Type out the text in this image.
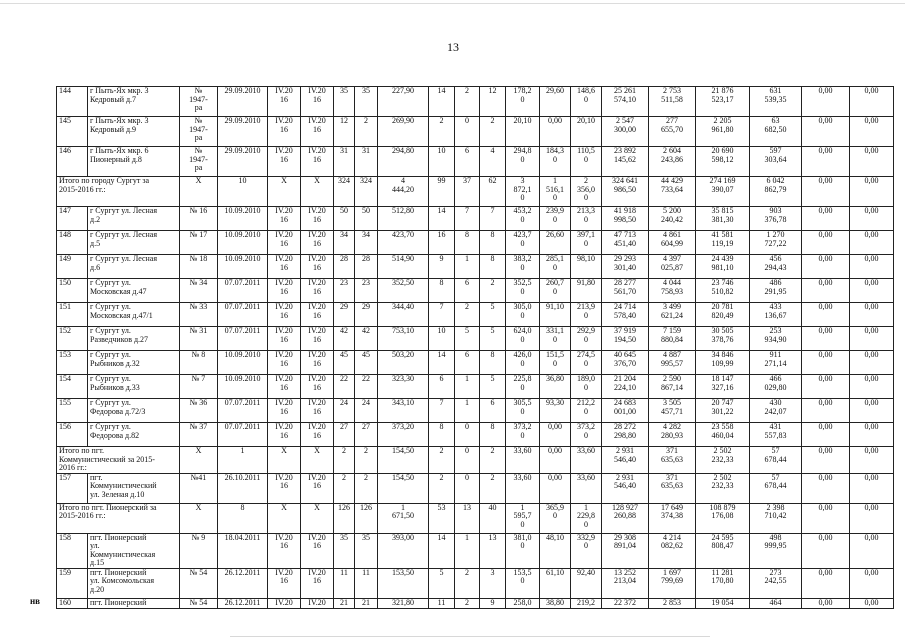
13
144	г Пыть-Ях мкр. 3
Кедровый д.7	№
1947-
ра	29.09.2010	IV.20
16	IV.20
16	35	35	227,90	14	2	12	178,2
0	29,60	148,6
0	25 261
574,10	2 753
511,58	21 876
523,17	631
539,35	0,00	0,00
145	г Пыть-Ях мкр. 3
Кедровый д.9	№
1947-
ра	29.09.2010	IV.20
16	IV.20
16	12	2	269,90	2	0	2	20,10	0,00	20,10	2 547
300,00	277
655,70	2 205
961,80	63
682,50	0,00	0,00
146	г Пыть-Ях мкр. 6
Пионерный д.8	№
1947-
ра	29.09.2010	IV.20
16	IV.20
16	31	31	294,80	10	6	4	294,8
0	184,3
0	110,5
0	23 892
145,62	2 604
243,86	20 690
598,12	597
303,64	0,00	0,00
Итого по городу Сургут за
2015-2016 гг.:		X	10	X	X	324	324	4
444,20	99	37	62	3
872,1
0	1
516,1
0	2
356,0
0	324 641
986,50	44 429
733,64	274 169
390,07	6 042
862,79	0,00	0,00
147	г Сургут ул. Лесная
д.2	№ 16	10.09.2010	IV.20
16	IV.20
16	50	50	512,80	14	7	7	453,2
0	239,9
0	213,3
0	41 918
998,50	5 200
240,42	35 815
381,30	903
376,78	0,00	0,00
148	г Сургут ул. Лесная
д.5	№ 17	10.09.2010	IV.20
16	IV.20
16	34	34	423,70	16	8	8	423,7
0	26,60	397,1
0	47 713
451,40	4 861
604,99	41 581
119,19	1 270
727,22	0,00	0,00
149	г Сургут ул. Лесная
д.6	№ 18	10.09.2010	IV.20
16	IV.20
16	28	28	514,90	9	1	8	383,2
0	285,1
0	98,10	29 293
301,40	4 397
025,87	24 439
981,10	456
294,43	0,00	0,00
150	г Сургут ул.
Московская д.47	№ 34	07.07.2011	IV.20
16	IV.20
16	23	23	352,50	8	6	2	352,5
0	260,7
0	91,80	28 277
561,70	4 044
758,93	23 746
510,82	486
291,95	0,00	0,00
151	г Сургут ул.
Московская д.47/1	№ 33	07.07.2011	IV.20
16	IV.20
16	29	29	344,40	7	2	5	305,0
0	91,10	213,9
0	24 714
578,40	3 499
621,24	20 781
820,49	433
136,67	0,00	0,00
152	г Сургут ул.
Разведчиков д.27	№ 31	07.07.2011	IV.20
16	IV.20
16	42	42	753,10	10	5	5	624,0
0	331,1
0	292,9
0	37 919
194,50	7 159
880,84	30 505
378,76	253
934,90	0,00	0,00
153	г Сургут ул.
Рыбников д.32	№ 8	10.09.2010	IV.20
16	IV.20
16	45	45	503,20	14	6	8	426,0
0	151,5
0	274,5
0	40 645
376,70	4 887
995,57	34 846
109,99	911
271,14	0,00	0,00
154	г Сургут ул.
Рыбников д.33	№ 7	10.09.2010	IV.20
16	IV.20
16	22	22	323,30	6	1	5	225,8
0	36,80	189,0
0	21 204
224,10	2 590
867,14	18 147
327,16	466
029,80	0,00	0,00
155	г Сургут ул.
Федорова д.72/3	№ 36	07.07.2011	IV.20
16	IV.20
16	24	24	343,10	7	1	6	305,5
0	93,30	212,2
0	24 683
001,00	3 505
457,71	20 747
301,22	430
242,07	0,00	0,00
156	г Сургут ул.
Федорова д.82	№ 37	07.07.2011	IV.20
16	IV.20
16	27	27	373,20	8	0	8	373,2
0	0,00	373,2
0	28 272
298,80	4 282
280,93	23 558
460,04	431
557,83	0,00	0,00
Итого по пгт.
Коммунистический за 2015-
2016 гг.:		X	1	X	X	2	2	154,50	2	0	2	33,60	0,00	33,60	2 931
546,40	371
635,63	2 502
232,33	57
678,44	0,00	0,00
157	пгт.
Коммунистический
ул. Зеленая д.10	№41	26.10.2011	IV.20
16	IV.20
16	2	2	154,50	2	0	2	33,60	0,00	33,60	2 931
546,40	371
635,63	2 502
232,33	57
678,44	0,00	0,00
Итого по пгт. Пионерский за
2015-2016 гг.:		X	8	X	X	126	126	1
671,50	53	13	40	1
595,7
0	365,9
0	1
229,8
0	128 927
260,88	17 649
374,38	108 879
176,08	2 398
710,42	0,00	0,00
158	пгт. Пионерский
ул.
Коммунистическая
д.15	№ 9	18.04.2011	IV.20
16	IV.20
16	35	35	393,00	14	1	13	381,0
0	48,10	332,9
0	29 308
891,04	4 214
082,62	24 595
808,47	498
999,95	0,00	0,00
159	пгт. Пионерский
ул. Комсомольская
д.20	№ 54	26.12.2011	IV.20
16	IV.20
16	11	11	153,50	5	2	3	153,5
0	61,10	92,40	13 252
213,04	1 697
799,69	11 281
170,80	273
242,55	0,00	0,00
160	пгт. Пионерский	№ 54	26.12.2011	IV.20	IV.20	21	21	321,80	11	2	9	258,0	38,80	219,2	22 372	2 853	19 054	464	0,00	0,00
нв
